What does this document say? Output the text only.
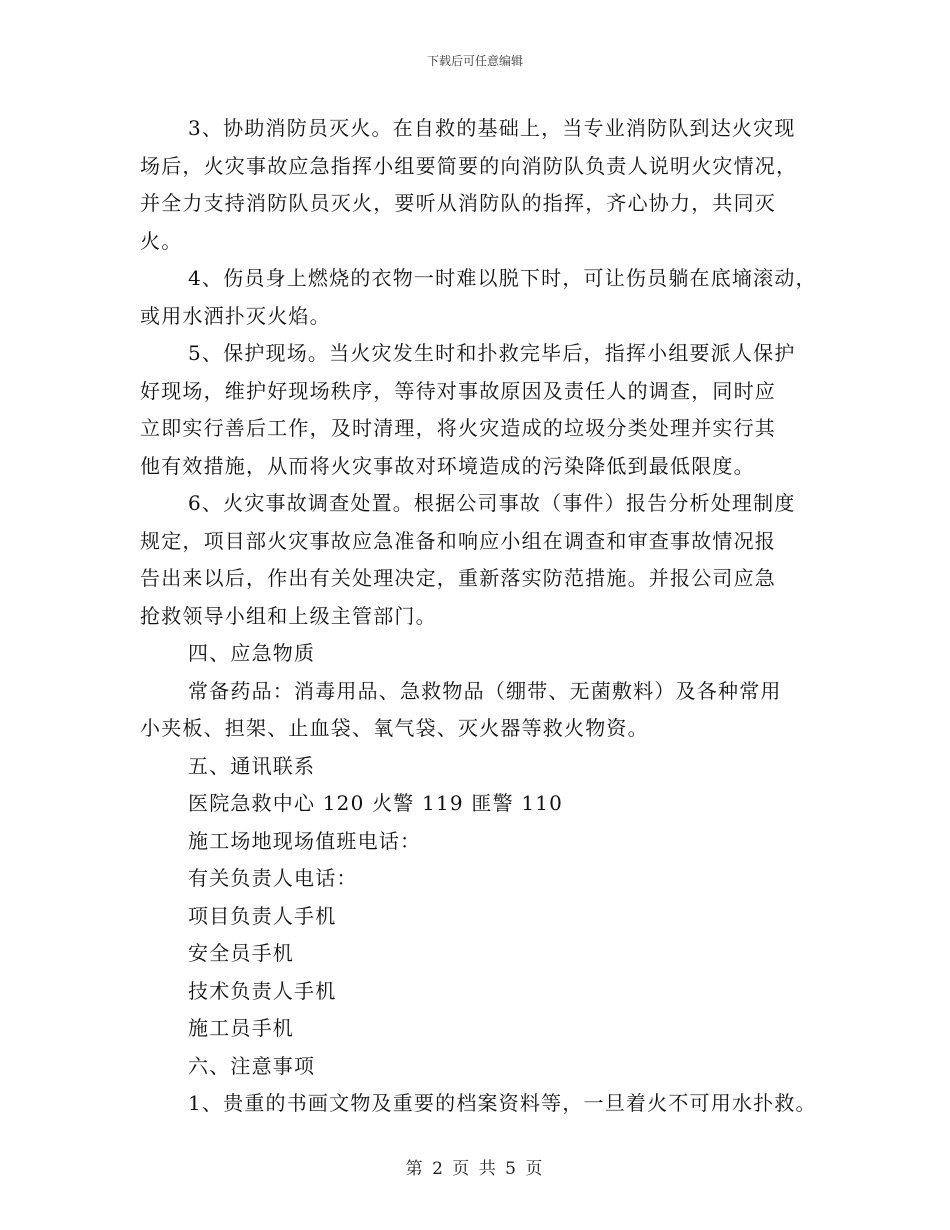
下载后可任意编辑
3、协助消防员灭火。在自救的基础上，当专业消防队到达火灾现
场后，火灾事故应急指挥小组要简要的向消防队负责人说明火灾情况，
并全力支持消防队员灭火，要听从消防队的指挥，齐心协力，共同灭
火。
4、伤员身上燃烧的衣物一时难以脱下时，可让伤员躺在底墒滚动，
或用水洒扑灭火焰。
5、保护现场。当火灾发生时和扑救完毕后，指挥小组要派人保护
好现场，维护好现场秩序，等待对事故原因及责任人的调查，同时应
立即实行善后工作，及时清理，将火灾造成的垃圾分类处理并实行其
他有效措施，从而将火灾事故对环境造成的污染降低到最低限度。
6、火灾事故调查处置。根据公司事故（事件）报告分析处理制度
规定，项目部火灾事故应急准备和响应小组在调查和审查事故情况报
告出来以后，作出有关处理决定，重新落实防范措施。并报公司应急
抢救领导小组和上级主管部门。
四、应急物质
常备药品：消毒用品、急救物品（绷带、无菌敷料）及各种常用
小夹板、担架、止血袋、氧气袋、灭火器等救火物资。
五、通讯联系
医院急救中心 120 火警 119 匪警 110
施工场地现场值班电话：
有关负责人电话：
项目负责人手机
安全员手机
技术负责人手机
施工员手机
六、注意事项
1、贵重的书画文物及重要的档案资料等，一旦着火不可用水扑救。
第 2 页 共 5 页
